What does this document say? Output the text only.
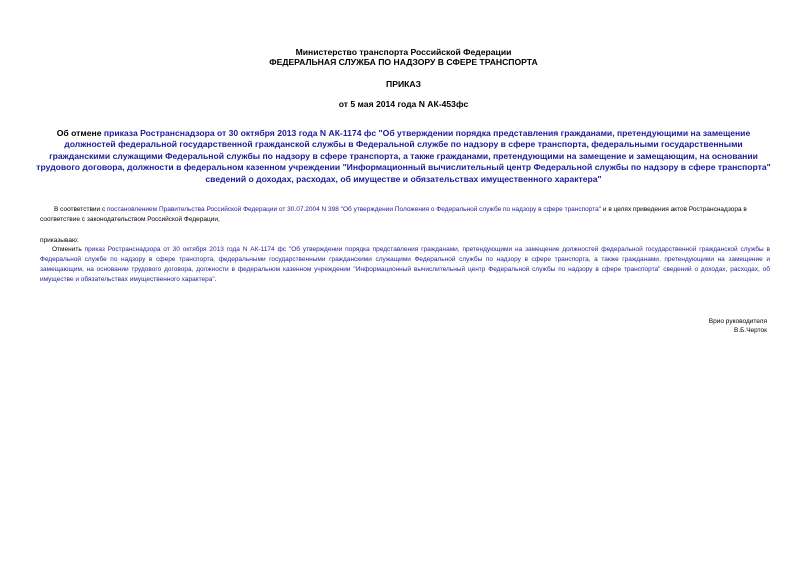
Министерство транспорта Российской Федерации
ФЕДЕРАЛЬНАЯ СЛУЖБА ПО НАДЗОРУ В СФЕРЕ ТРАНСПОРТА
ПРИКАЗ
от 5 мая 2014 года N АК-453фс
Об отмене приказа Ространснадзора от 30 октября 2013 года N АК-1174 фс "Об утверждении порядка представления гражданами, претендующими на замещение должностей федеральной государственной гражданской службы в Федеральной службе по надзору в сфере транспорта, федеральными государственными гражданскими служащими Федеральной службы по надзору в сфере транспорта, а также гражданами, претендующими на замещение и замещающим, на основании трудового договора, должности в федеральном казенном учреждении "Информационный вычислительный центр Федеральной службы по надзору в сфере транспорта" сведений о доходах, расходах, об имуществе и обязательствах имущественного характера"
В соответствии с постановлением Правительства Российской Федерации от 30.07.2004 N 398 "Об утверждении Положения о Федеральной службе по надзору в сфере транспорта" и в целях приведения актов Ространснадзора в соответствие с законодательством Российской Федерации,
приказываю:
Отменить приказ Ространснадзора от 30 октября 2013 года N АК-1174 фс "Об утверждении порядка представления гражданами, претендующими на замещение должностей федеральной государственной гражданской службы в Федеральной службе по надзору в сфере транспорта, федеральными государственными гражданскими служащими Федеральной службы по надзору в сфере транспорта, а также гражданами, претендующими на замещение и замещающим, на основании трудового договора, должности в федеральном казенном учреждении "Информационный вычислительный центр Федеральной службы по надзору в сфере транспорта" сведений о доходах, расходах, об имуществе и обязательствах имущественного характера".
Врио руководителя
В.Б.Черток
